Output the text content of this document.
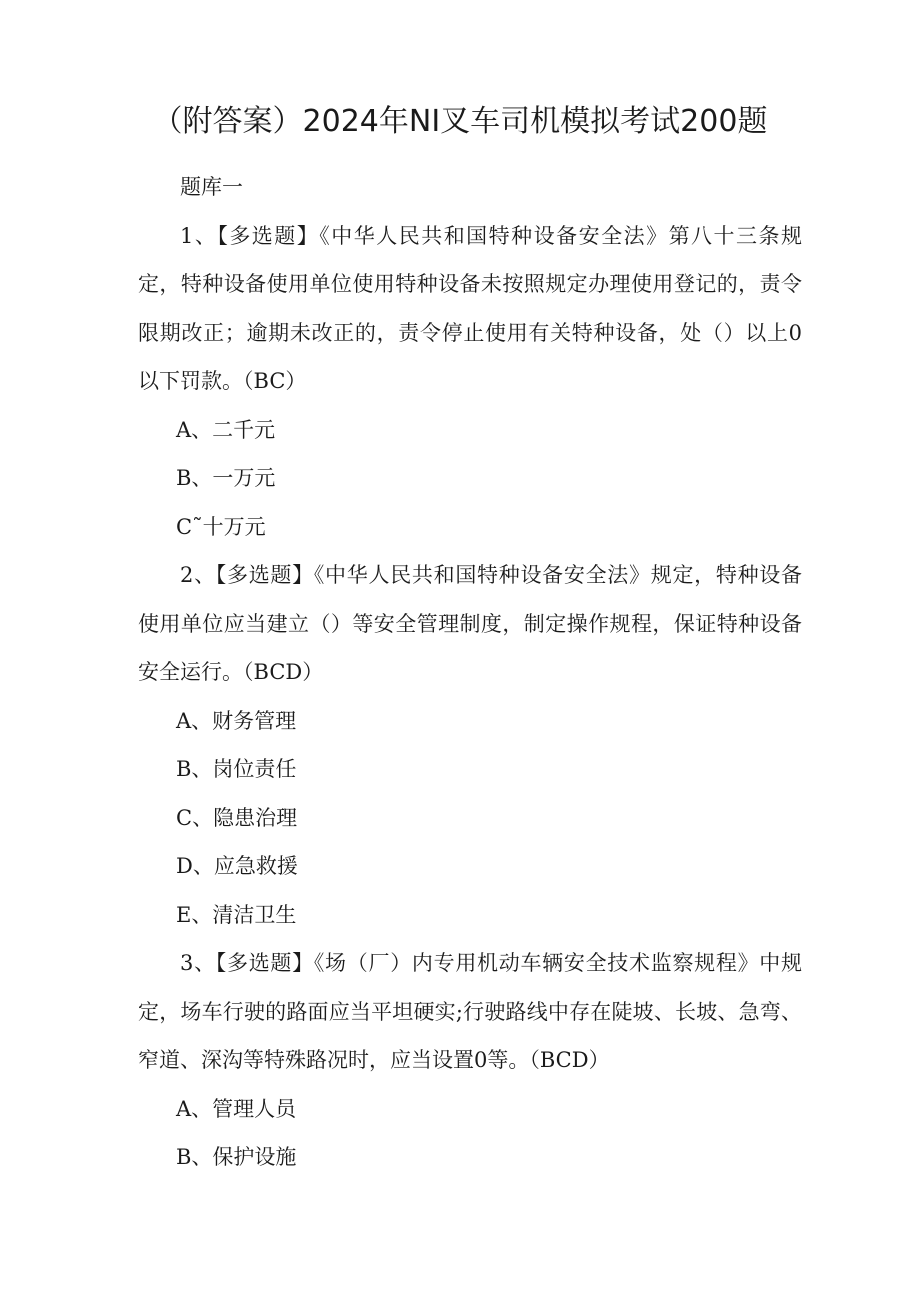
（附答案）2024年NI叉车司机模拟考试200题

题库一

1、【多选题】《中华人民共和国特种设备安全法》第八十三条规定，特种设备使用单位使用特种设备未按照规定办理使用登记的，责令限期改正；逾期未改正的，责令停止使用有关特种设备，处（）以上0以下罚款。（BC）

A、二千元

B、一万元

C˜十万元

2、【多选题】《中华人民共和国特种设备安全法》规定，特种设备使用单位应当建立（）等安全管理制度，制定操作规程，保证特种设备安全运行。（BCD）

A、财务管理

B、岗位责任

C、隐患治理

D、应急救援

E、清洁卫生

3、【多选题】《场（厂）内专用机动车辆安全技术监察规程》中规定，场车行驶的路面应当平坦硬实;行驶路线中存在陡坡、长坡、急弯、窄道、深沟等特殊路况时，应当设置0等。（BCD）

A、管理人员

B、保护设施
